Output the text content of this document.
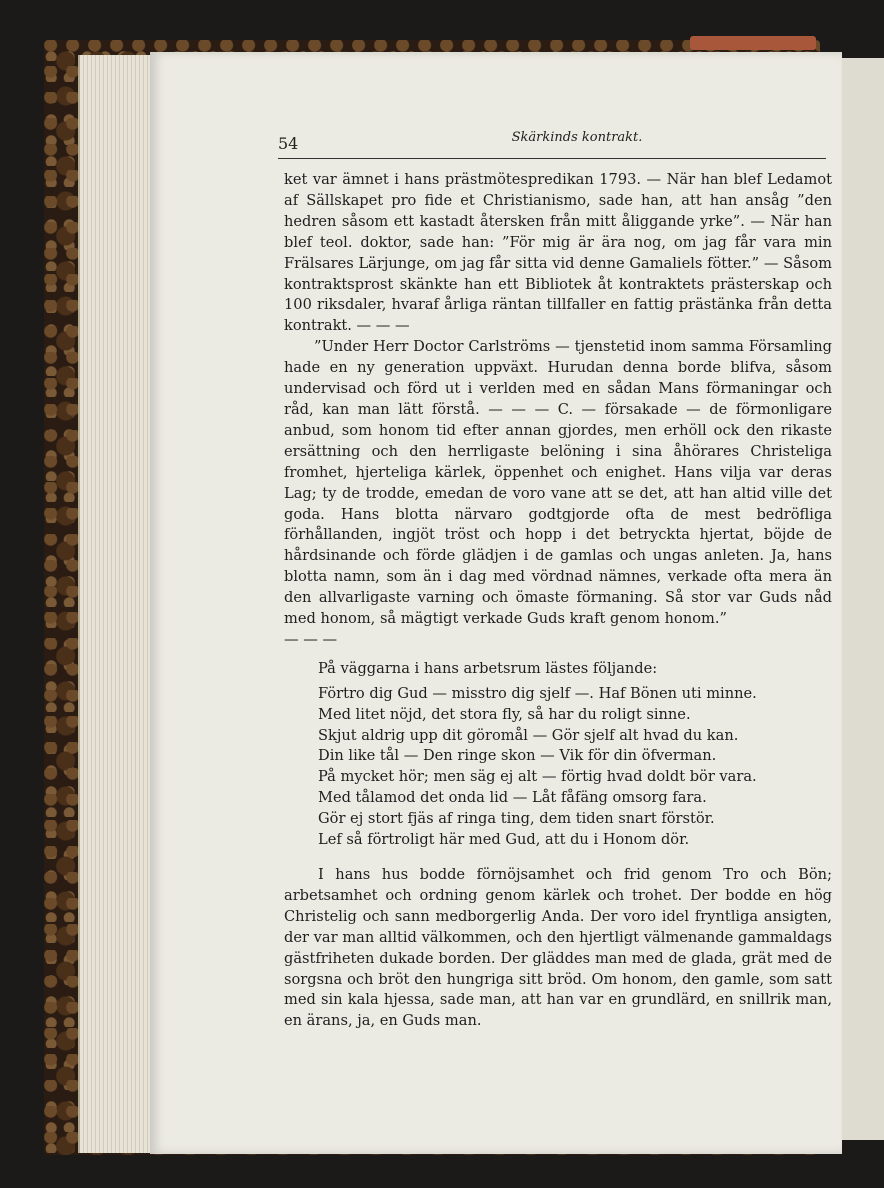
54	Skärkinds kontrakt.

ket var ämnet i hans prästmötespredikan 1793. — När han blef Ledamot af Sällskapet pro fide et Christianismo, sade han, att han ansåg ”den hedren såsom ett kastadt återsken från mitt åliggande yrke”. — När han blef teol. doktor, sade han: ”För mig är ära nog, om jag får vara min Frälsares Lärjunge, om jag får sitta vid denne Gamaliels fötter.” — Såsom kontraktsprost skänkte han ett Bibliotek åt kontraktets prästerskap och 100 riksdaler, hvaraf årliga räntan tillfaller en fattig prästänka från detta kontrakt. — — —

”Under Herr Doctor Carlströms — tjenstetid inom samma Församling hade en ny generation uppväxt. Hurudan denna borde blifva, såsom undervisad och förd ut i verlden med en sådan Mans förmaningar och råd, kan man lätt förstå. — — — C. — försakade — de förmonligare anbud, som honom tid efter annan gjordes, men erhöll ock den rikaste ersättning och den herrligaste belöning i sina åhörares Christeliga fromhet, hjerteliga kärlek, öppenhet och enighet. Hans vilja var deras Lag; ty de trodde, emedan de voro vane att se det, att han altid ville det goda. Hans blotta närvaro godtgjorde ofta de mest bedröfliga förhållanden, ingjöt tröst och hopp i det betryckta hjertat, böjde de hårdsinande och förde glädjen i de gamlas och ungas anleten. Ja, hans blotta namn, som än i dag med vördnad nämnes, verkade ofta mera än den allvarligaste varning och ömaste förmaning. Så stor var Guds nåd med honom, så mägtigt verkade Guds kraft genom honom.”

— — —

På väggarna i hans arbetsrum lästes följande:

Förtro dig Gud — misstro dig sjelf —. Haf Bönen uti minne.
Med litet nöjd, det stora fly, så har du roligt sinne.
Skjut aldrig upp dit göromål — Gör sjelf alt hvad du kan.
Din like tål — Den ringe skon — Vik för din öfverman.
På mycket hör; men säg ej alt — förtig hvad doldt bör vara.
Med tålamod det onda lid — Låt fåfäng omsorg fara.
Gör ej stort fjäs af ringa ting, dem tiden snart förstör.
Lef så förtroligt här med Gud, att du i Honom dör.

I hans hus bodde förnöjsamhet och frid genom Tro och Bön; arbetsamhet och ordning genom kärlek och trohet. Der bodde en hög Christelig och sann medborgerlig Anda. Der voro idel fryntliga ansigten, der var man alltid välkommen, och den hjertligt välmenande gammaldags gästfriheten dukade borden. Der gläddes man med de glada, grät med de sorgsna och bröt den hungriga sitt bröd. Om honom, den gamle, som satt med sin kala hjessa, sade man, att han var en grundlärd, en snillrik man, en ärans, ja, en Guds man.
